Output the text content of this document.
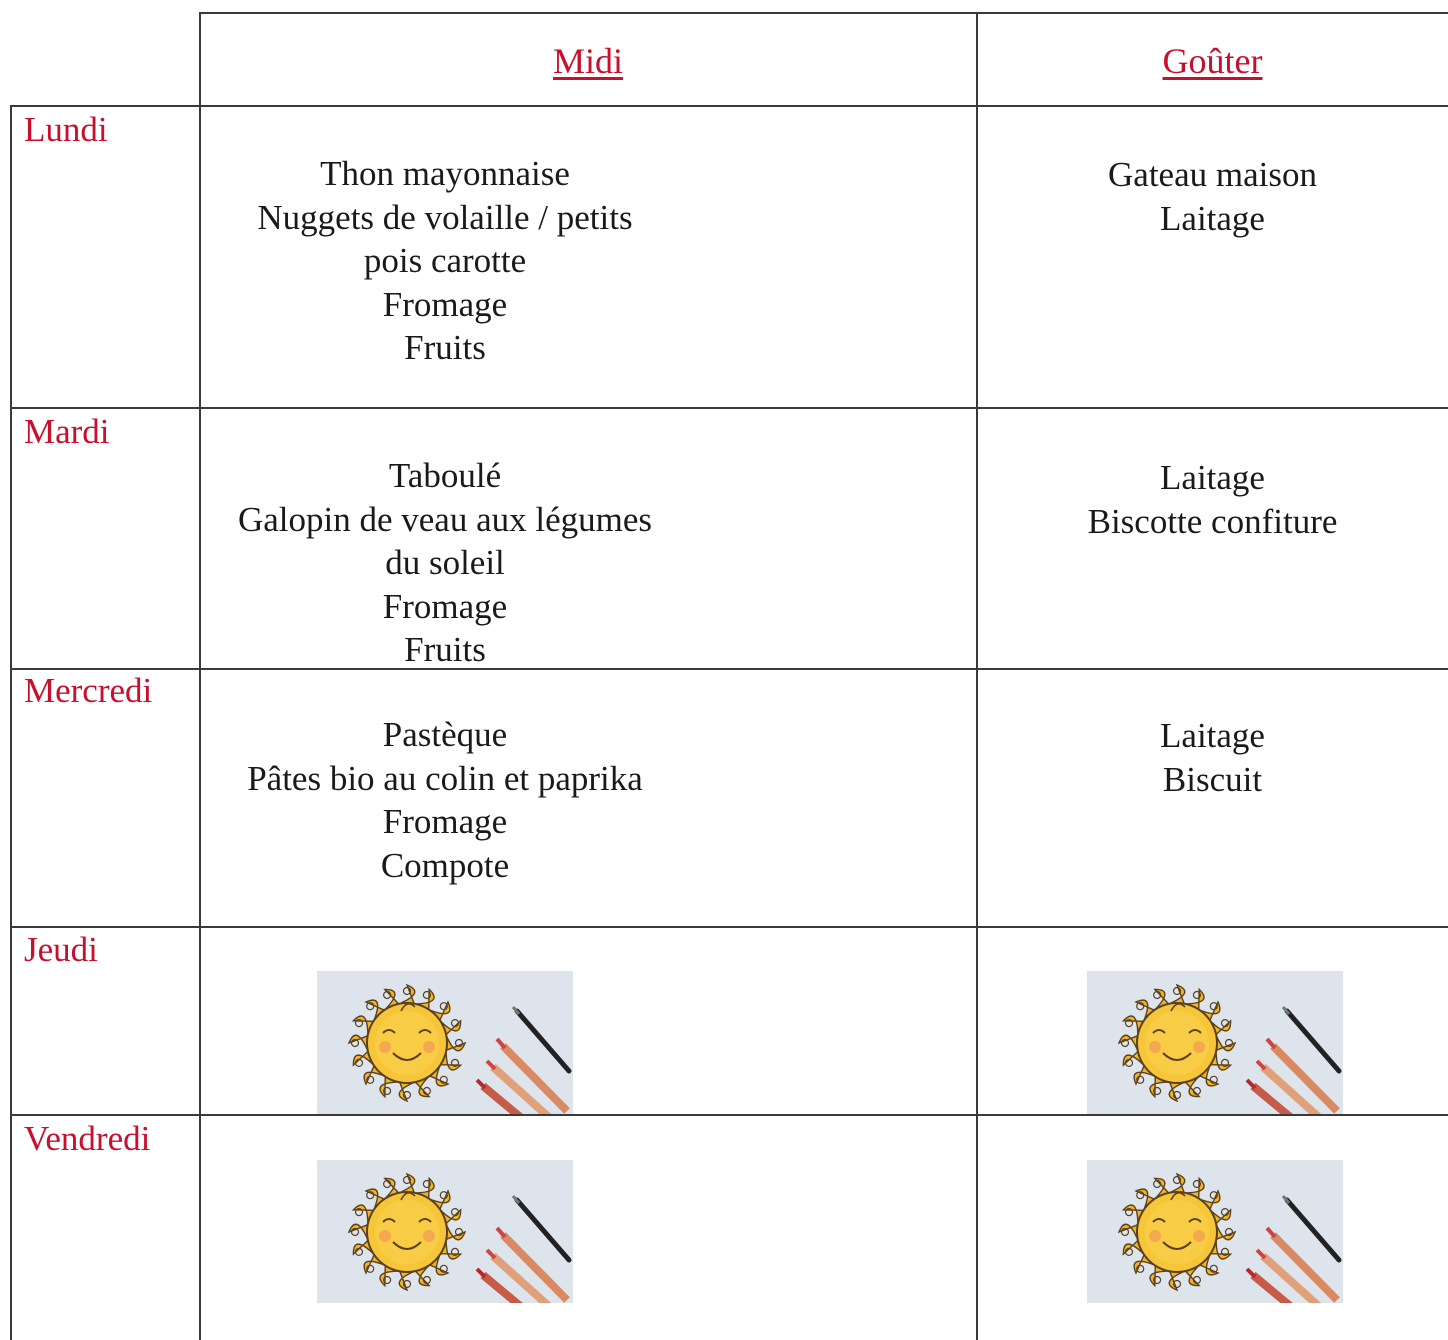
Midi	Goûter
Lundi
Mardi
Mercredi
Jeudi
Vendredi
Thon mayonnaise
Nuggets de volaille / petits
pois carotte
Fromage
Fruits
Gateau maison
Laitage
Taboulé
Galopin de veau aux légumes
du soleil
Fromage
Fruits
Laitage
Biscotte confiture
Pastèque
Pâtes bio au colin et paprika
Fromage
Compote
Laitage
Biscuit
